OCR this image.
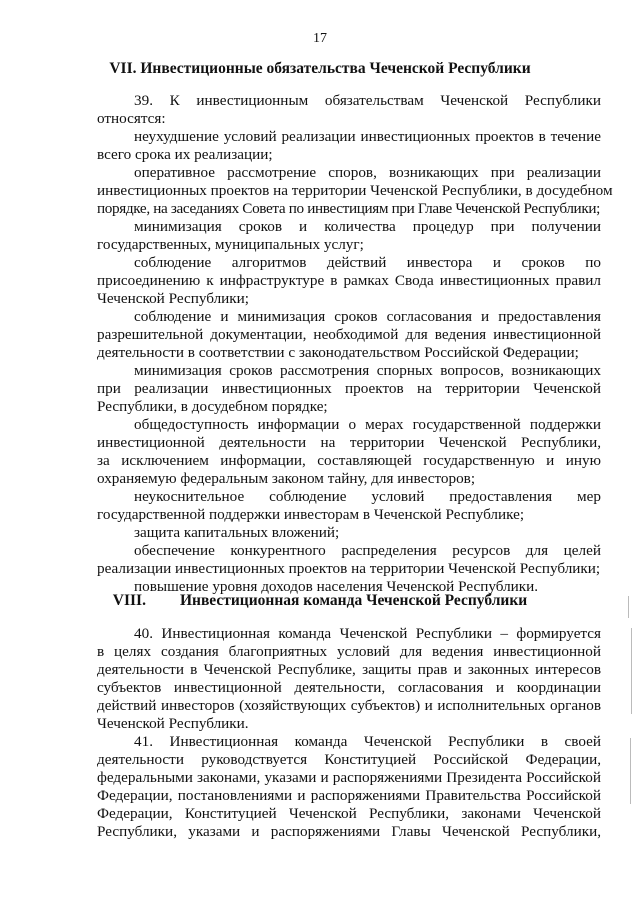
17
VII. Инвестиционные обязательства Чеченской Республики
39. К инвестиционным обязательствам Чеченской Республики
относятся:
неухудшение условий реализации инвестиционных проектов в течение
всего срока их реализации;
оперативное рассмотрение споров, возникающих при реализации
инвестиционных проектов на территории Чеченской Республики, в досудебном
порядке, на заседаниях Совета по инвестициям при Главе Чеченской Республики;
минимизация сроков и количества процедур при получении
государственных, муниципальных услуг;
соблюдение алгоритмов действий инвестора и сроков по
присоединению к инфраструктуре в рамках Свода инвестиционных правил
Чеченской Республики;
соблюдение и минимизация сроков согласования и предоставления
разрешительной документации, необходимой для ведения инвестиционной
деятельности в соответствии с законодательством Российской Федерации;
минимизация сроков рассмотрения спорных вопросов, возникающих
при реализации инвестиционных проектов на территории Чеченской
Республики, в досудебном порядке;
общедоступность информации о мерах государственной поддержки
инвестиционной деятельности на территории Чеченской Республики,
за исключением информации, составляющей государственную и иную
охраняемую федеральным законом тайну, для инвесторов;
неукоснительное соблюдение условий предоставления мер
государственной поддержки инвесторам в Чеченской Республике;
защита капитальных вложений;
обеспечение конкурентного распределения ресурсов для целей
реализации инвестиционных проектов на территории Чеченской Республики;
повышение уровня доходов населения Чеченской Республики.
VIII. Инвестиционная команда Чеченской Республики
40. Инвестиционная команда Чеченской Республики – формируется
в целях создания благоприятных условий для ведения инвестиционной
деятельности в Чеченской Республике, защиты прав и законных интересов
субъектов инвестиционной деятельности, согласования и координации
действий инвесторов (хозяйствующих субъектов) и исполнительных органов
Чеченской Республики.
41. Инвестиционная команда Чеченской Республики в своей
деятельности руководствуется Конституцией Российской Федерации,
федеральными законами, указами и распоряжениями Президента Российской
Федерации, постановлениями и распоряжениями Правительства Российской
Федерации, Конституцией Чеченской Республики, законами Чеченской
Республики, указами и распоряжениями Главы Чеченской Республики,
